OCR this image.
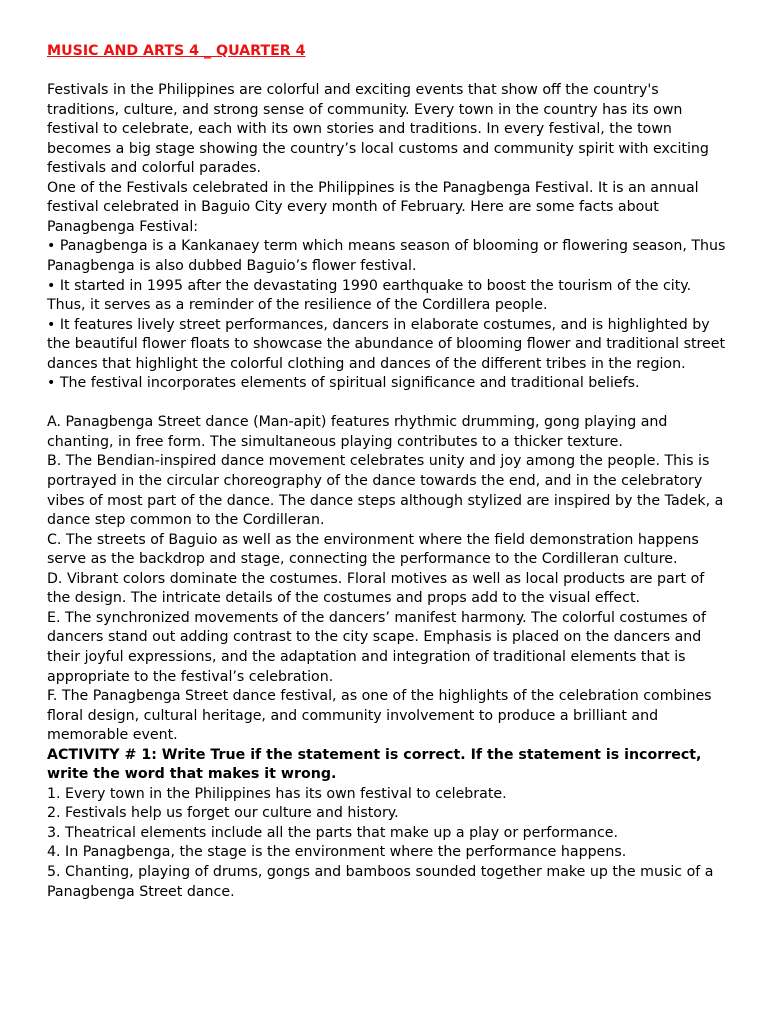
MUSIC AND ARTS 4 _ QUARTER 4

Festivals in the Philippines are colorful and exciting events that show off the country's traditions, culture, and strong sense of community. Every town in the country has its own festival to celebrate, each with its own stories and traditions. In every festival, the town becomes a big stage showing the country’s local customs and community spirit with exciting festivals and colorful parades.

One of the Festivals celebrated in the Philippines is the Panagbenga Festival. It is an annual festival celebrated in Baguio City every month of February. Here are some facts about Panagbenga Festival:

• Panagbenga is a Kankanaey term which means season of blooming or flowering season, Thus Panagbenga is also dubbed Baguio’s flower festival.

• It started in 1995 after the devastating 1990 earthquake to boost the tourism of the city. Thus, it serves as a reminder of the resilience of the Cordillera people.

• It features lively street performances, dancers in elaborate costumes, and is highlighted by the beautiful flower floats to showcase the abundance of blooming flower and traditional street dances that highlight the colorful clothing and dances of the different tribes in the region.

• The festival incorporates elements of spiritual significance and traditional beliefs.

A. Panagbenga Street dance (Man-apit) features rhythmic drumming, gong playing and chanting, in free form. The simultaneous playing contributes to a thicker texture.

B. The Bendian-inspired dance movement celebrates unity and joy among the people. This is portrayed in the circular choreography of the dance towards the end, and in the celebratory vibes of most part of the dance. The dance steps although stylized are inspired by the Tadek, a dance step common to the Cordilleran.

C. The streets of Baguio as well as the environment where the field demonstration happens serve as the backdrop and stage, connecting the performance to the Cordilleran culture.

D. Vibrant colors dominate the costumes. Floral motives as well as local products are part of the design. The intricate details of the costumes and props add to the visual effect.

E. The synchronized movements of the dancers’ manifest harmony. The colorful costumes of dancers stand out adding contrast to the city scape. Emphasis is placed on the dancers and their joyful expressions, and the adaptation and integration of traditional elements that is appropriate to the festival’s celebration.

F. The Panagbenga Street dance festival, as one of the highlights of the celebration combines floral design, cultural heritage, and community involvement to produce a brilliant and memorable event.

ACTIVITY # 1: Write True if the statement is correct. If the statement is incorrect, write the word that makes it wrong.

1. Every town in the Philippines has its own festival to celebrate.

2. Festivals help us forget our culture and history.

3. Theatrical elements include all the parts that make up a play or performance.

4. In Panagbenga, the stage is the environment where the performance happens.

5. Chanting, playing of drums, gongs and bamboos sounded together make up the music of a Panagbenga Street dance.
